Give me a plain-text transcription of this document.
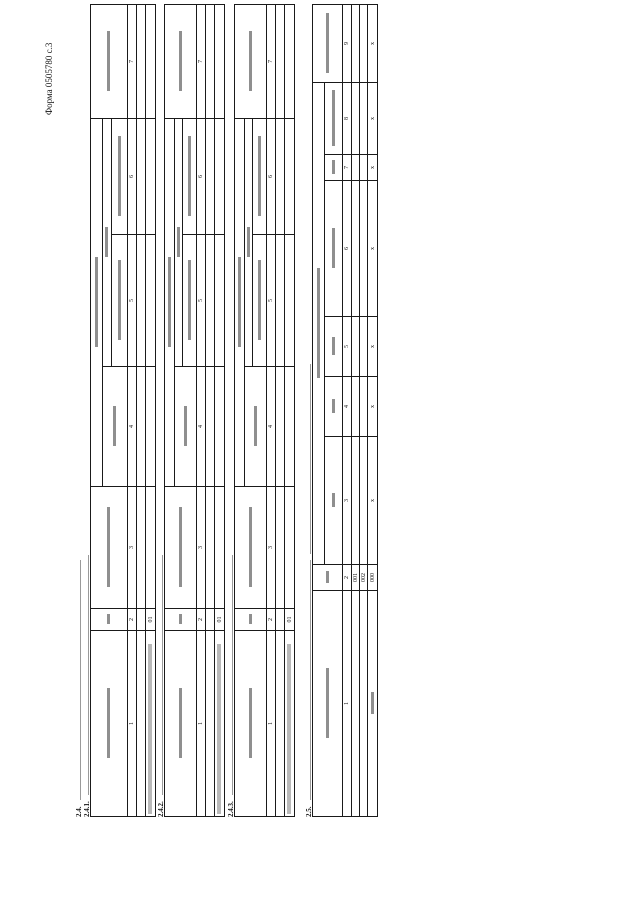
Форма 0505780 с.3
2.4. 2.4.1.

1	2	3	4	5	6	7

	01					
2.4.2.

1	2	3	4	5	6	7

	01					
2.4.3.

1	2	3	4	5	6	7

	01					
2.5.

1	2	3	4	5	6	7	8	9
	001							
	002							
	000	x	x	x	x	x	x	x
